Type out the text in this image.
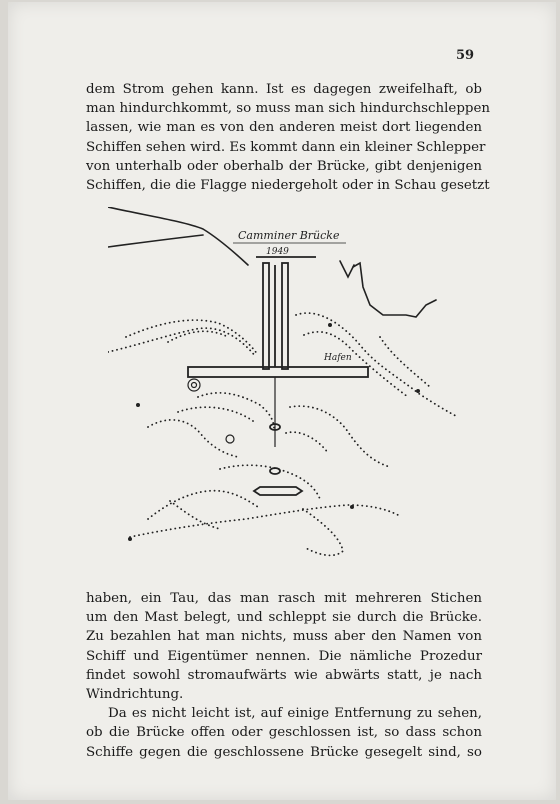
59

dem Strom gehen kann. Ist es dagegen zweifelhaft, ob
man hindurchkommt, so muss man sich hindurchschleppen
lassen, wie man es von den anderen meist dort liegenden
Schiffen sehen wird. Es kommt dann ein kleiner Schlepper
von unterhalb oder oberhalb der Brücke, gibt denjenigen
Schiffen, die die Flagge niedergeholt oder in Schau gesetzt

Camminer Brücke
1949
Hafen

haben, ein Tau, das man rasch mit mehreren Stichen
um den Mast belegt, und schleppt sie durch die Brücke.
Zu bezahlen hat man nichts, muss aber den Namen von
Schiff und Eigentümer nennen. Die nämliche Prozedur
findet sowohl stromaufwärts wie abwärts statt, je nach
Windrichtung.
Da es nicht leicht ist, auf einige Entfernung zu sehen,
ob die Brücke offen oder geschlossen ist, so dass schon
Schiffe gegen die geschlossene Brücke gesegelt sind, so
